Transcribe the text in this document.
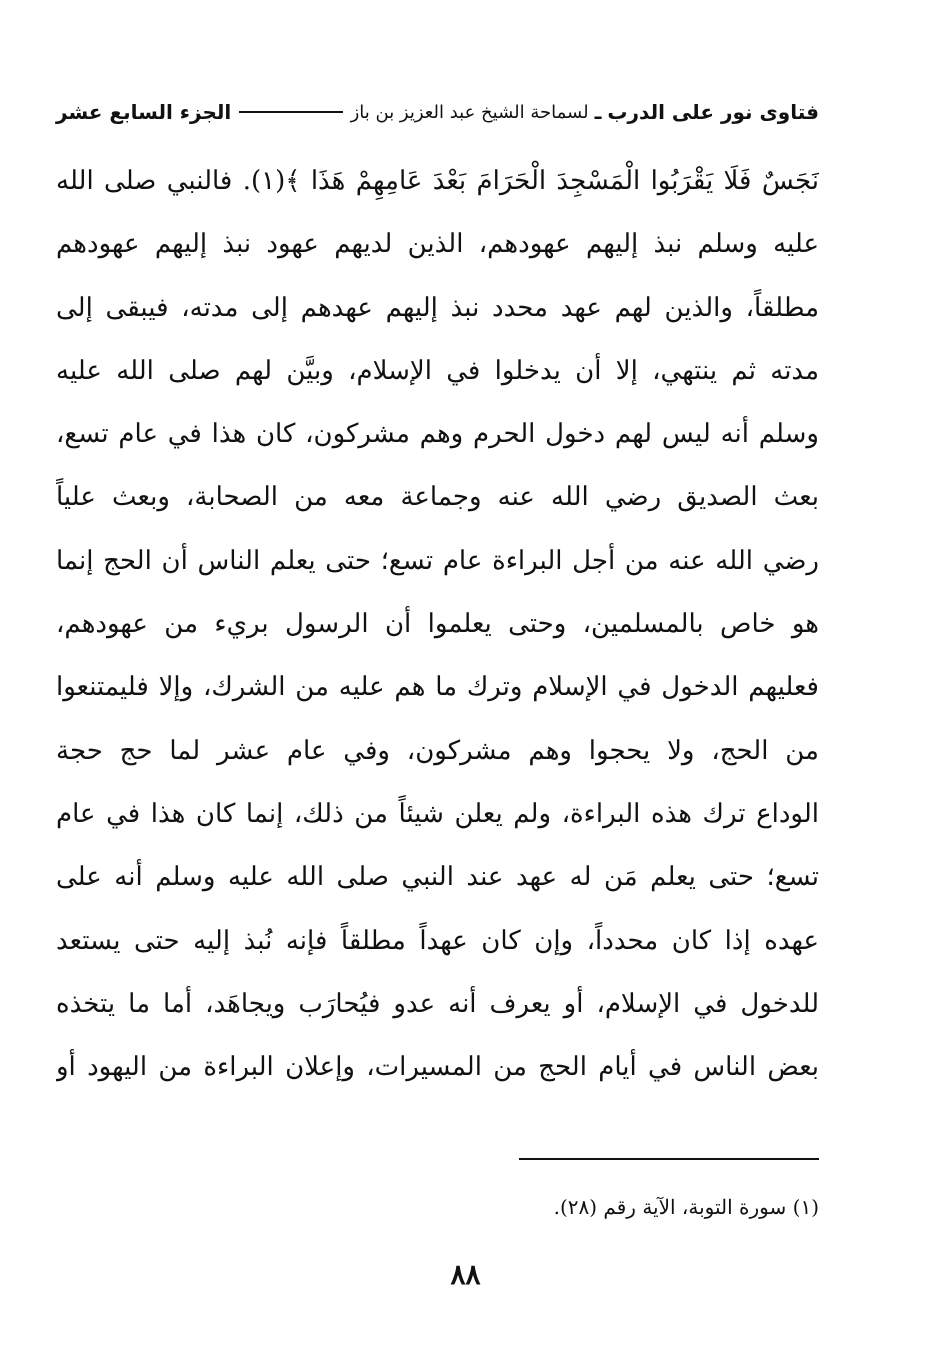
فتاوى نور على الدرب
ـ
لسماحة الشيخ عبد العزيز بن باز
الجزء السابع عشر
نَجَسٌ فَلَا يَقْرَبُوا الْمَسْجِدَ الْحَرَامَ بَعْدَ عَامِهِمْ هَذَا ﴾(١). فالنبي صلى الله
عليه وسلم نبذ إليهم عهودهم، الذين لديهم عهود نبذ إليهم عهودهم
مطلقاً، والذين لهم عهد محدد نبذ إليهم عهدهم إلى مدته، فيبقى إلى
مدته ثم ينتهي، إلا أن يدخلوا في الإسلام، وبيَّن لهم صلى الله عليه
وسلم أنه ليس لهم دخول الحرم وهم مشركون، كان هذا في عام تسع،
بعث الصديق رضي الله عنه وجماعة معه من الصحابة، وبعث علياً
رضي الله عنه من أجل البراءة عام تسع؛ حتى يعلم الناس أن الحج إنما
هو خاص بالمسلمين، وحتى يعلموا أن الرسول بريء من عهودهم،
فعليهم الدخول في الإسلام وترك ما هم عليه من الشرك، وإلا فليمتنعوا
من الحج، ولا يحجوا وهم مشركون، وفي عام عشر لما حج حجة
الوداع ترك هذه البراءة، ولم يعلن شيئاً من ذلك، إنما كان هذا في عام
تسع؛ حتى يعلم مَن له عهد عند النبي صلى الله عليه وسلم أنه على
عهده إذا كان محدداً، وإن كان عهداً مطلقاً فإنه نُبذ إليه حتى يستعد
للدخول في الإسلام، أو يعرف أنه عدو فيُحارَب ويجاهَد، أما ما يتخذه
بعض الناس في أيام الحج من المسيرات، وإعلان البراءة من اليهود أو
(١) سورة التوبة، الآية رقم (٢٨).
٨٨
